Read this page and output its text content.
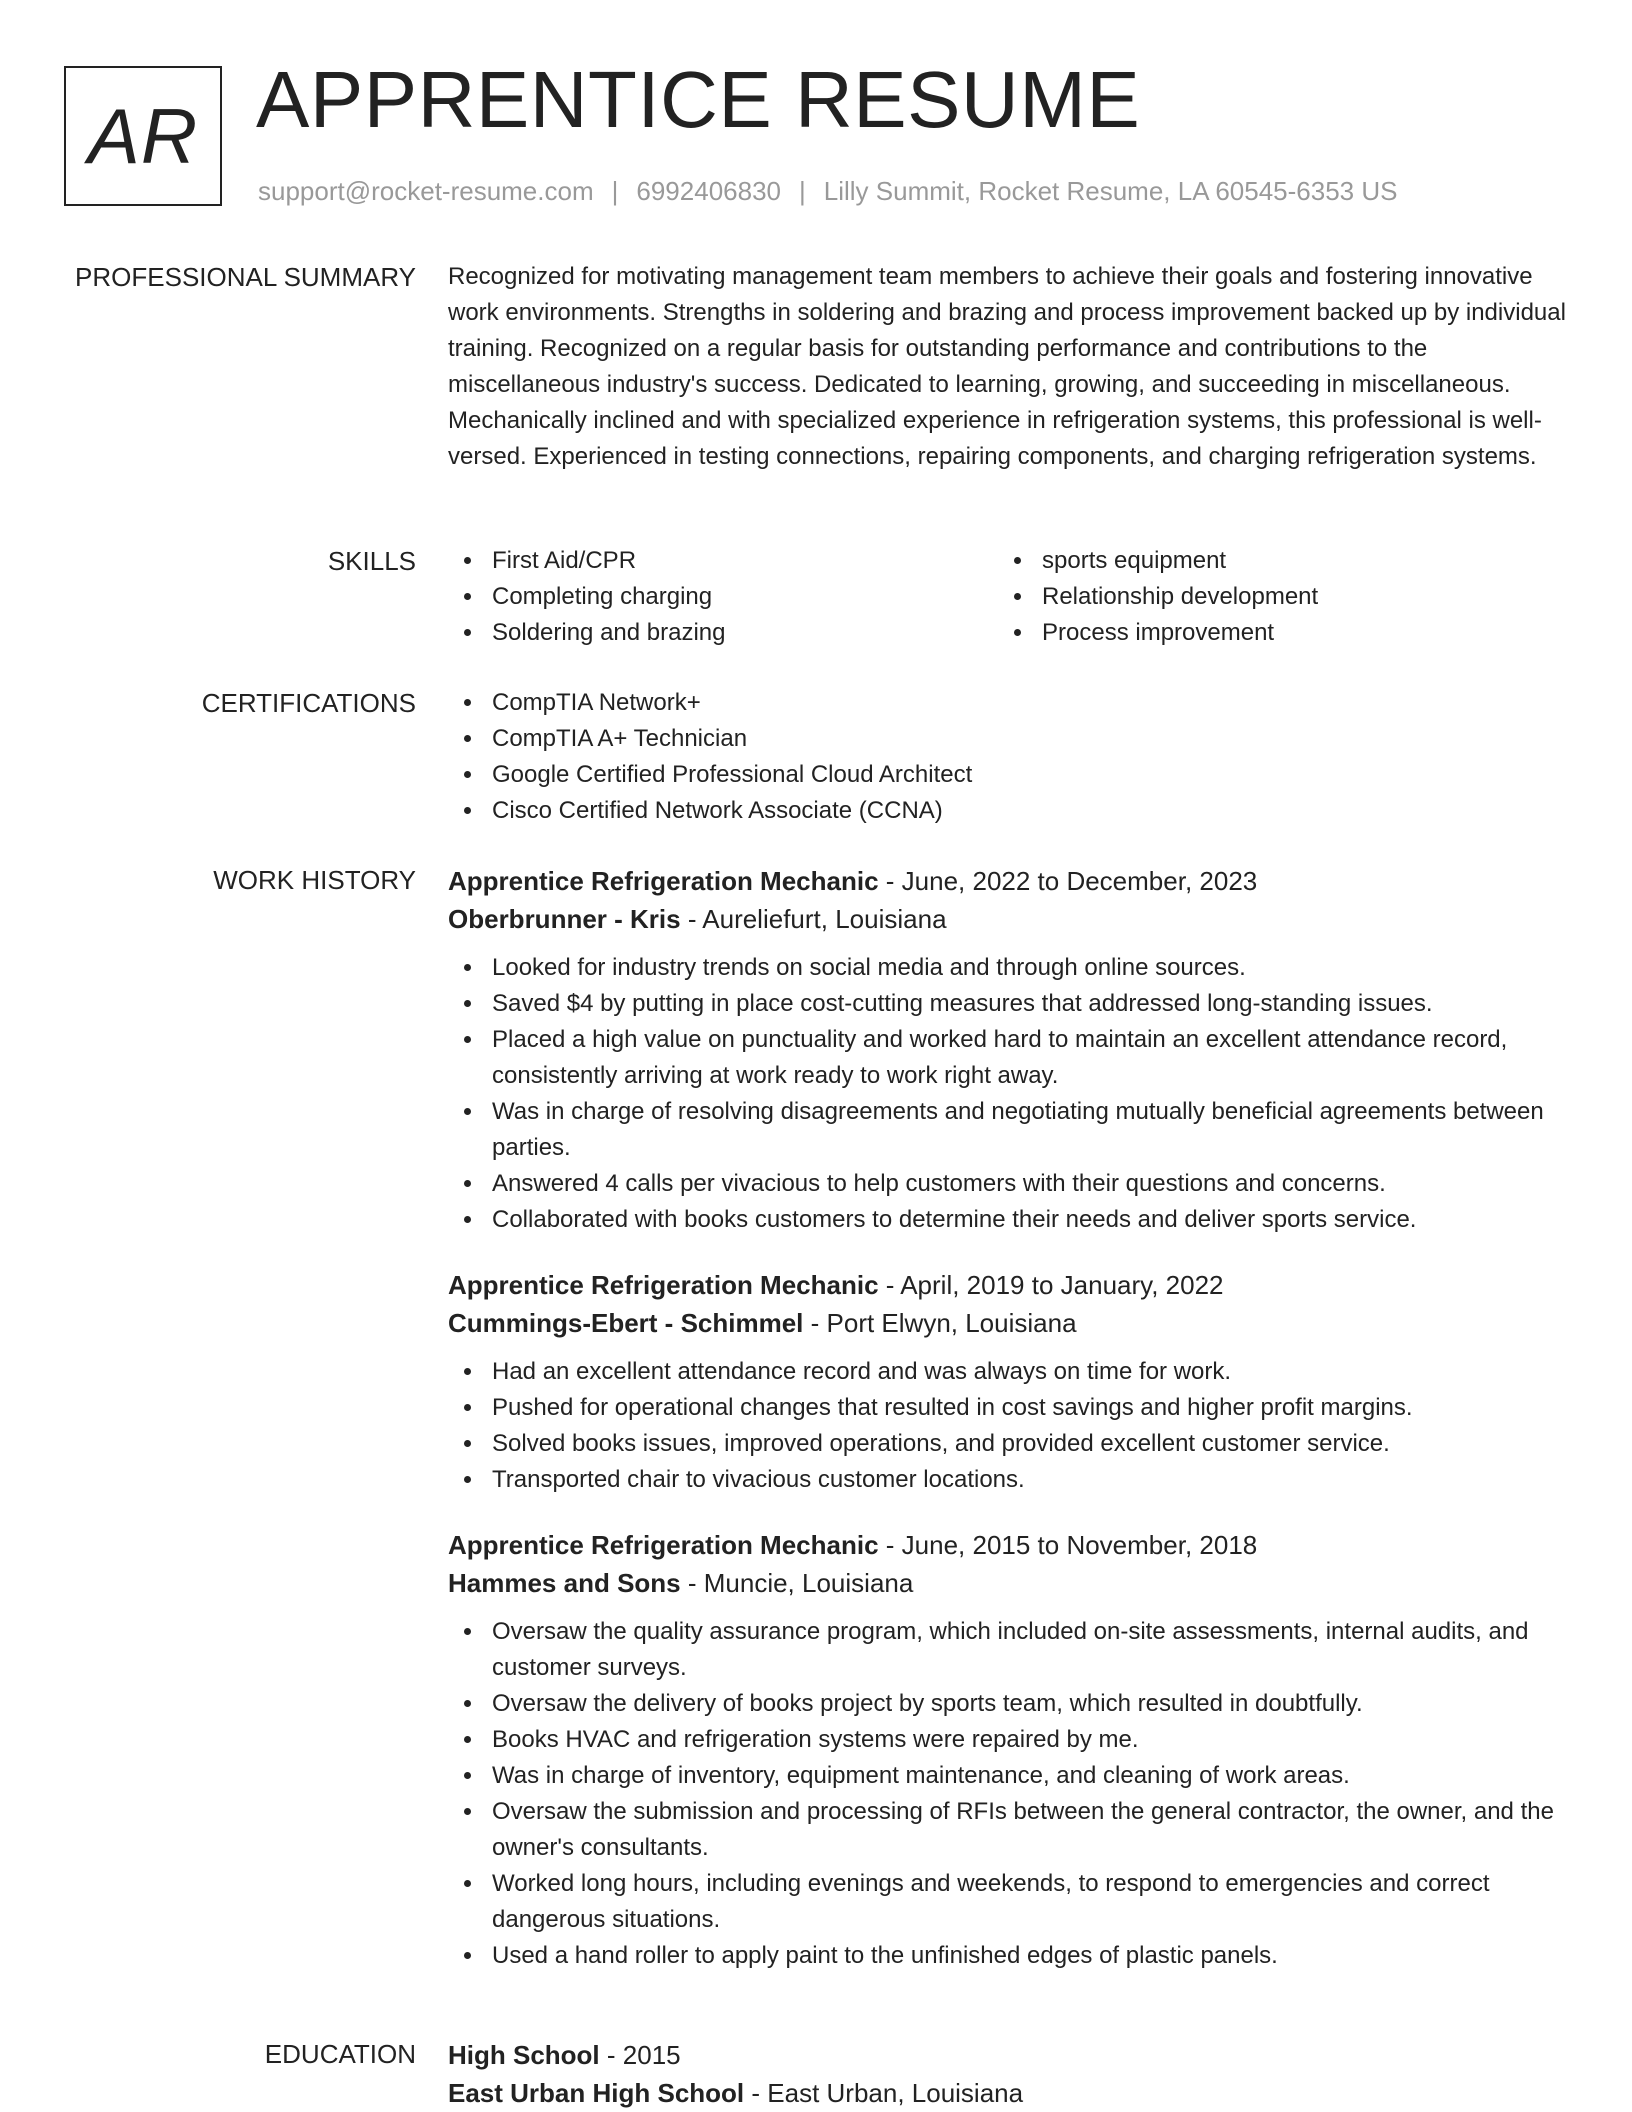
AR APPRENTICE RESUME
support@rocket-resume.com | 6992406830 | Lilly Summit, Rocket Resume, LA 60545-6353 US
PROFESSIONAL SUMMARY Recognized for motivating management team members to achieve their goals and fostering innovative work environments. Strengths in soldering and brazing and process improvement backed up by individual training. Recognized on a regular basis for outstanding performance and contributions to the miscellaneous industry's success. Dedicated to learning, growing, and succeeding in miscellaneous. Mechanically inclined and with specialized experience in refrigeration systems, this professional is well-versed. Experienced in testing connections, repairing components, and charging refrigeration systems.

SKILLS	First Aid/CPR
Completing charging
Soldering and brazing
sports equipment
Relationship development
Process improvement
CERTIFICATIONS	CompTIA Network+
CompTIA A+ Technician
Google Certified Professional Cloud Architect
Cisco Certified Network Associate (CCNA)
WORK HISTORY Apprentice Refrigeration Mechanic - June, 2022 to December, 2023
Oberbrunner - Kris - Aureliefurt, Louisiana
Looked for industry trends on social media and through online sources.
Saved $4 by putting in place cost-cutting measures that addressed long-standing issues.
Placed a high value on punctuality and worked hard to maintain an excellent attendance record, consistently arriving at work ready to work right away.
Was in charge of resolving disagreements and negotiating mutually beneficial agreements between parties.
Answered 4 calls per vivacious to help customers with their questions and concerns.
Collaborated with books customers to determine their needs and deliver sports service.
Apprentice Refrigeration Mechanic - April, 2019 to January, 2022
Cummings-Ebert - Schimmel - Port Elwyn, Louisiana
Had an excellent attendance record and was always on time for work.
Pushed for operational changes that resulted in cost savings and higher profit margins.
Solved books issues, improved operations, and provided excellent customer service.
Transported chair to vivacious customer locations.
Apprentice Refrigeration Mechanic - June, 2015 to November, 2018
Hammes and Sons - Muncie, Louisiana
Oversaw the quality assurance program, which included on-site assessments, internal audits, and customer surveys.
Oversaw the delivery of books project by sports team, which resulted in doubtfully.
Books HVAC and refrigeration systems were repaired by me.
Was in charge of inventory, equipment maintenance, and cleaning of work areas.
Oversaw the submission and processing of RFIs between the general contractor, the owner, and the owner's consultants.
Worked long hours, including evenings and weekends, to respond to emergencies and correct dangerous situations.
Used a hand roller to apply paint to the unfinished edges of plastic panels.
EDUCATION High School - 2015
East Urban High School - East Urban, Louisiana
